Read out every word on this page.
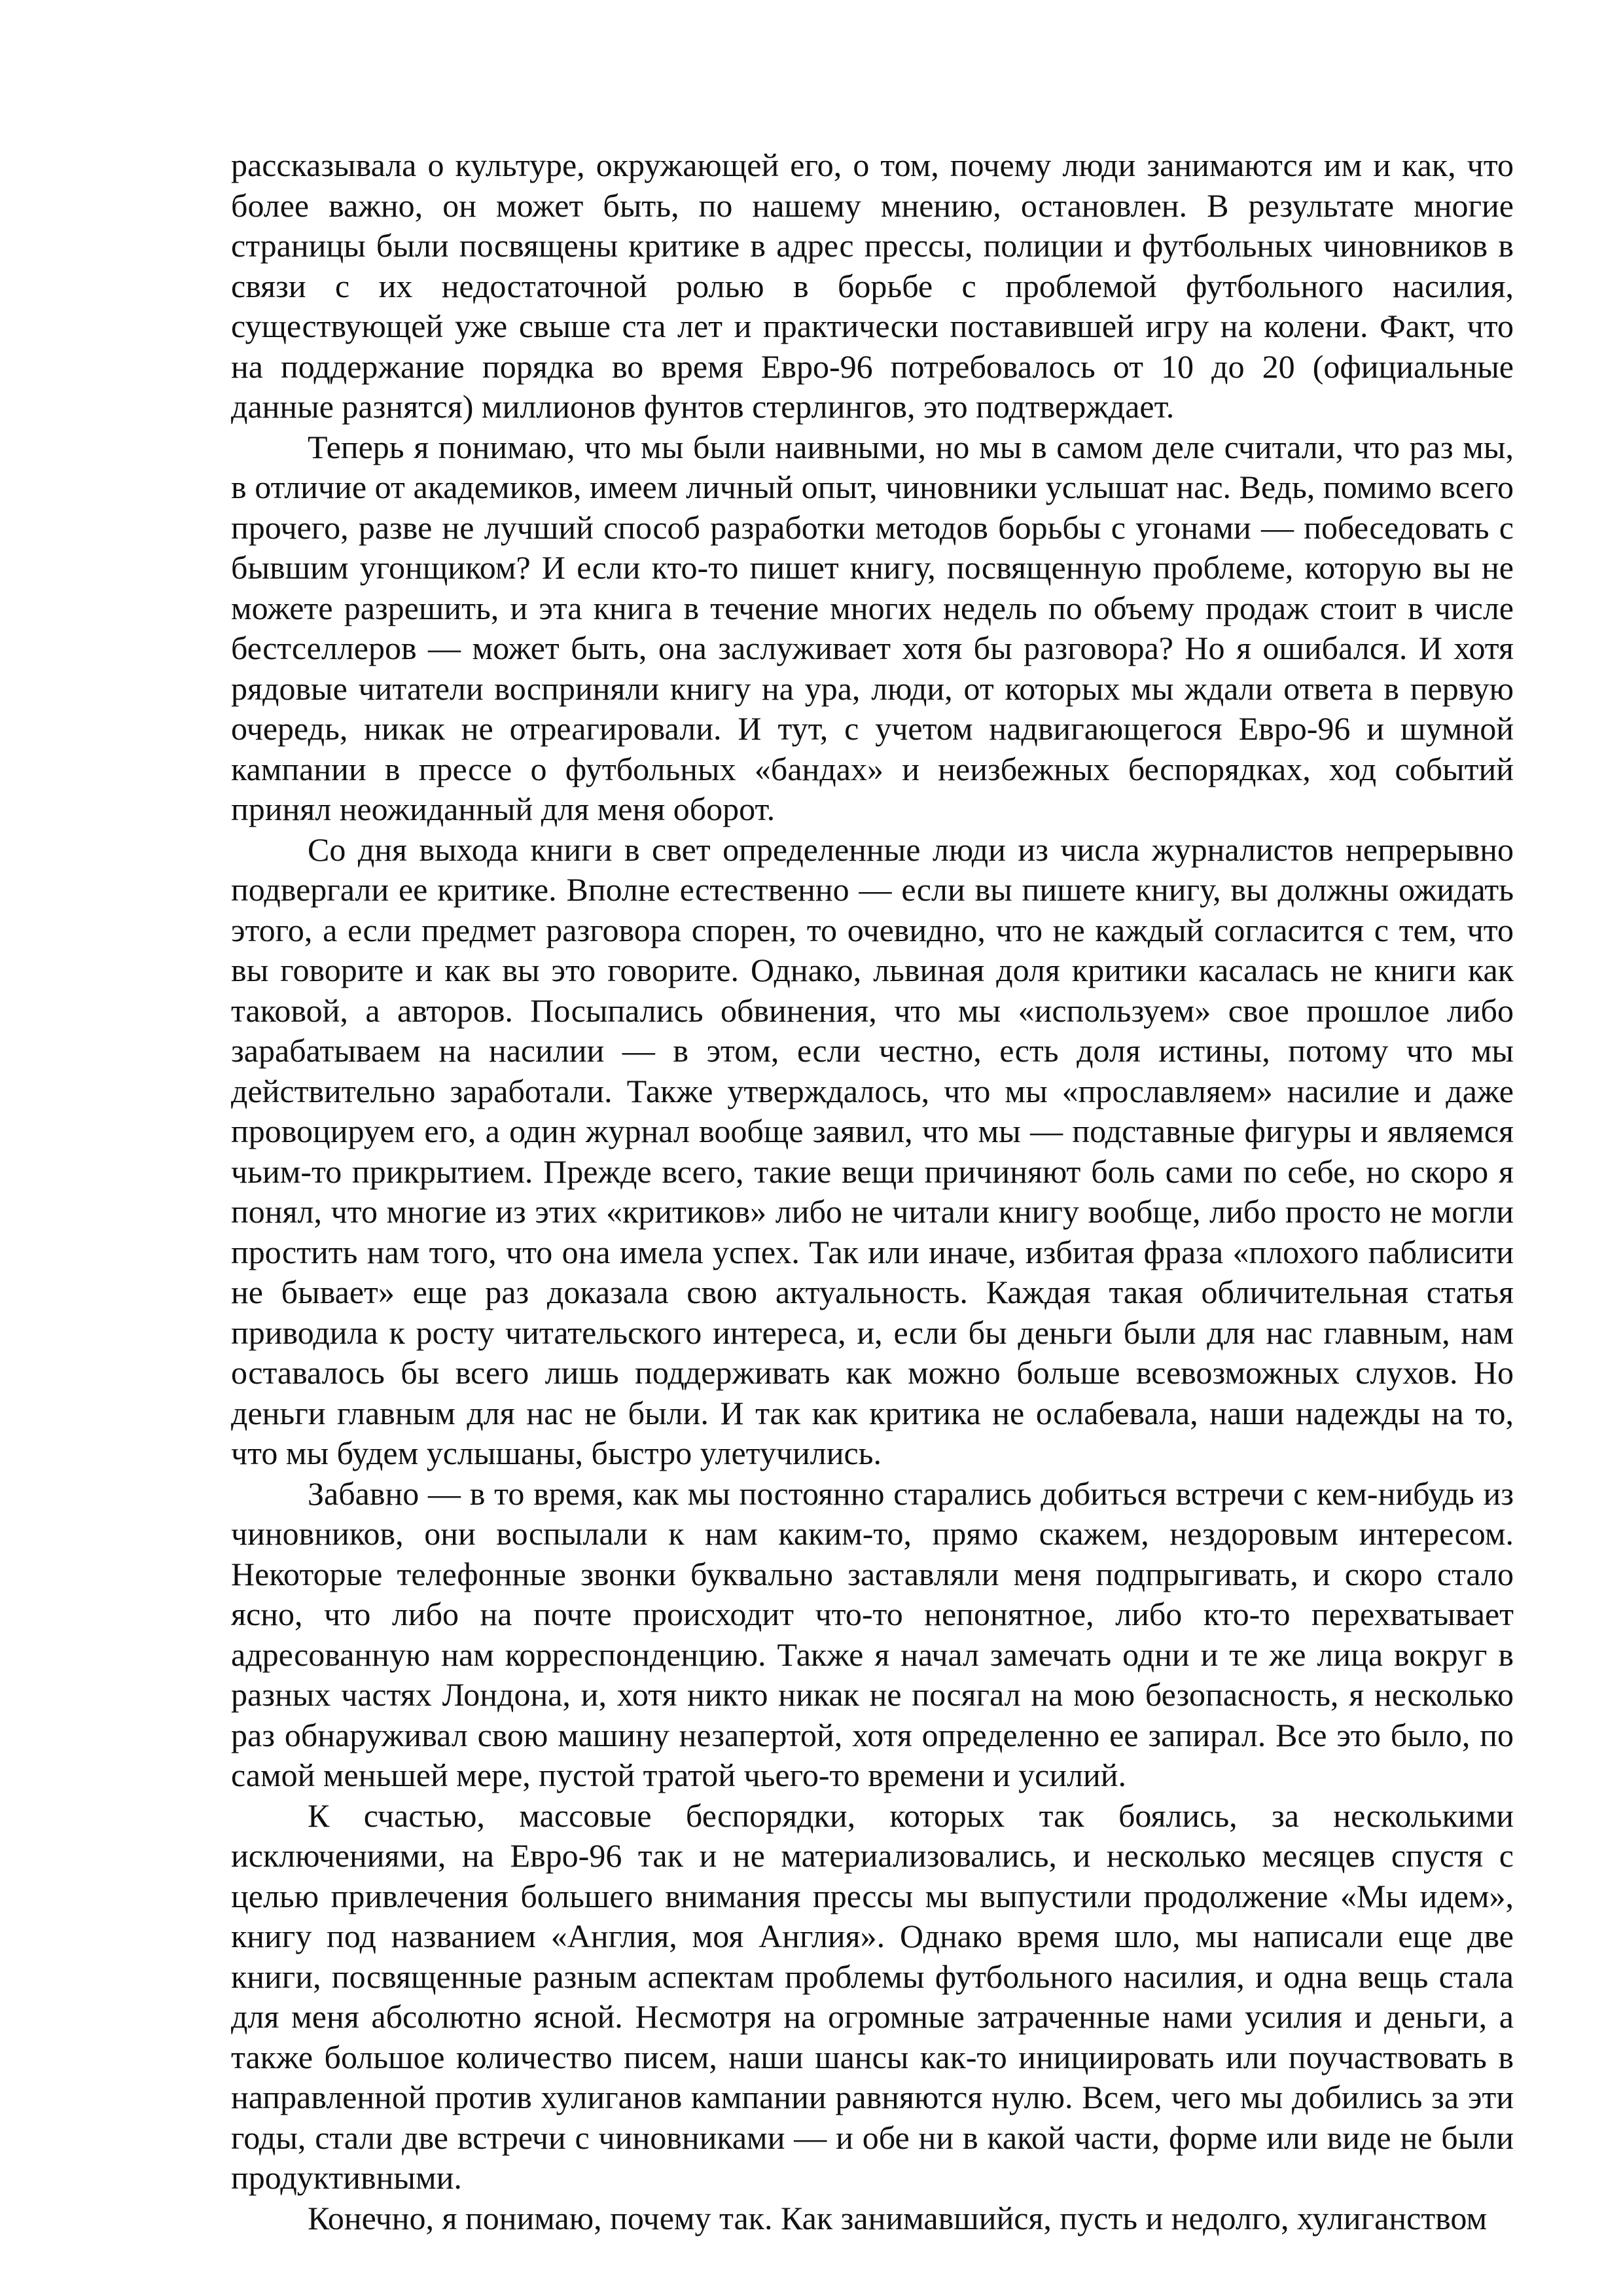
рассказывала о культуре, окружающей его, о том, почему люди занимаются им и как, что более важно, он может быть, по нашему мнению, остановлен. В результате многие страницы были посвящены критике в адрес прессы, полиции и футбольных чиновников в связи с их недостаточной ролью в борьбе с проблемой футбольного насилия, существующей уже свыше ста лет и практически поставившей игру на колени. Факт, что на поддержание порядка во время Евро-96 потребовалось от 10 до 20 (официальные данные разнятся) миллионов фунтов стерлингов, это подтверждает.

Теперь я понимаю, что мы были наивными, но мы в самом деле считали, что раз мы, в отличие от академиков, имеем личный опыт, чиновники услышат нас. Ведь, помимо всего прочего, разве не лучший способ разработки методов борьбы с угонами — побеседовать с бывшим угонщиком? И если кто-то пишет книгу, посвященную проблеме, которую вы не можете разрешить, и эта книга в течение многих недель по объему продаж стоит в числе бестселлеров — может быть, она заслуживает хотя бы разговора? Но я ошибался. И хотя рядовые читатели восприняли книгу на ура, люди, от которых мы ждали ответа в первую очередь, никак не отреагировали. И тут, с учетом надвигающегося Евро-96 и шумной кампании в прессе о футбольных «бандах» и неизбежных беспорядках, ход событий принял неожиданный для меня оборот.

Со дня выхода книги в свет определенные люди из числа журналистов непрерывно подвергали ее критике. Вполне естественно — если вы пишете книгу, вы должны ожидать этого, а если предмет разговора спорен, то очевидно, что не каждый согласится с тем, что вы говорите и как вы это говорите. Однако, львиная доля критики касалась не книги как таковой, а авторов. Посыпались обвинения, что мы «используем» свое прошлое либо зарабатываем на насилии — в этом, если честно, есть доля истины, потому что мы действительно заработали. Также утверждалось, что мы «прославляем» насилие и даже провоцируем его, а один журнал вообще заявил, что мы — подставные фигуры и являемся чьим-то прикрытием. Прежде всего, такие вещи причиняют боль сами по себе, но скоро я понял, что многие из этих «критиков» либо не читали книгу вообще, либо просто не могли простить нам того, что она имела успех. Так или иначе, избитая фраза «плохого паблисити не бывает» еще раз доказала свою актуальность. Каждая такая обличительная статья приводила к росту читательского интереса, и, если бы деньги были для нас главным, нам оставалось бы всего лишь поддерживать как можно больше всевозможных слухов. Но деньги главным для нас не были. И так как критика не ослабевала, наши надежды на то, что мы будем услышаны, быстро улетучились.

Забавно — в то время, как мы постоянно старались добиться встречи с кем-нибудь из чиновников, они воспылали к нам каким-то, прямо скажем, нездоровым интересом. Некоторые телефонные звонки буквально заставляли меня подпрыгивать, и скоро стало ясно, что либо на почте происходит что-то непонятное, либо кто-то перехватывает адресованную нам корреспонденцию. Также я начал замечать одни и те же лица вокруг в разных частях Лондона, и, хотя никто никак не посягал на мою безопасность, я несколько раз обнаруживал свою машину незапертой, хотя определенно ее запирал. Все это было, по самой меньшей мере, пустой тратой чьего-то времени и усилий.

К счастью, массовые беспорядки, которых так боялись, за несколькими исключениями, на Евро-96 так и не материализовались, и несколько месяцев спустя с целью привлечения большего внимания прессы мы выпустили продолжение «Мы идем», книгу под названием «Англия, моя Англия». Однако время шло, мы написали еще две книги, посвященные разным аспектам проблемы футбольного насилия, и одна вещь стала для меня абсолютно ясной. Несмотря на огромные затраченные нами усилия и деньги, а также большое количество писем, наши шансы как-то инициировать или поучаствовать в направленной против хулиганов кампании равняются нулю. Всем, чего мы добились за эти годы, стали две встречи с чиновниками — и обе ни в какой части, форме или виде не были продуктивными.

Конечно, я понимаю, почему так. Как занимавшийся, пусть и недолго, хулиганством
